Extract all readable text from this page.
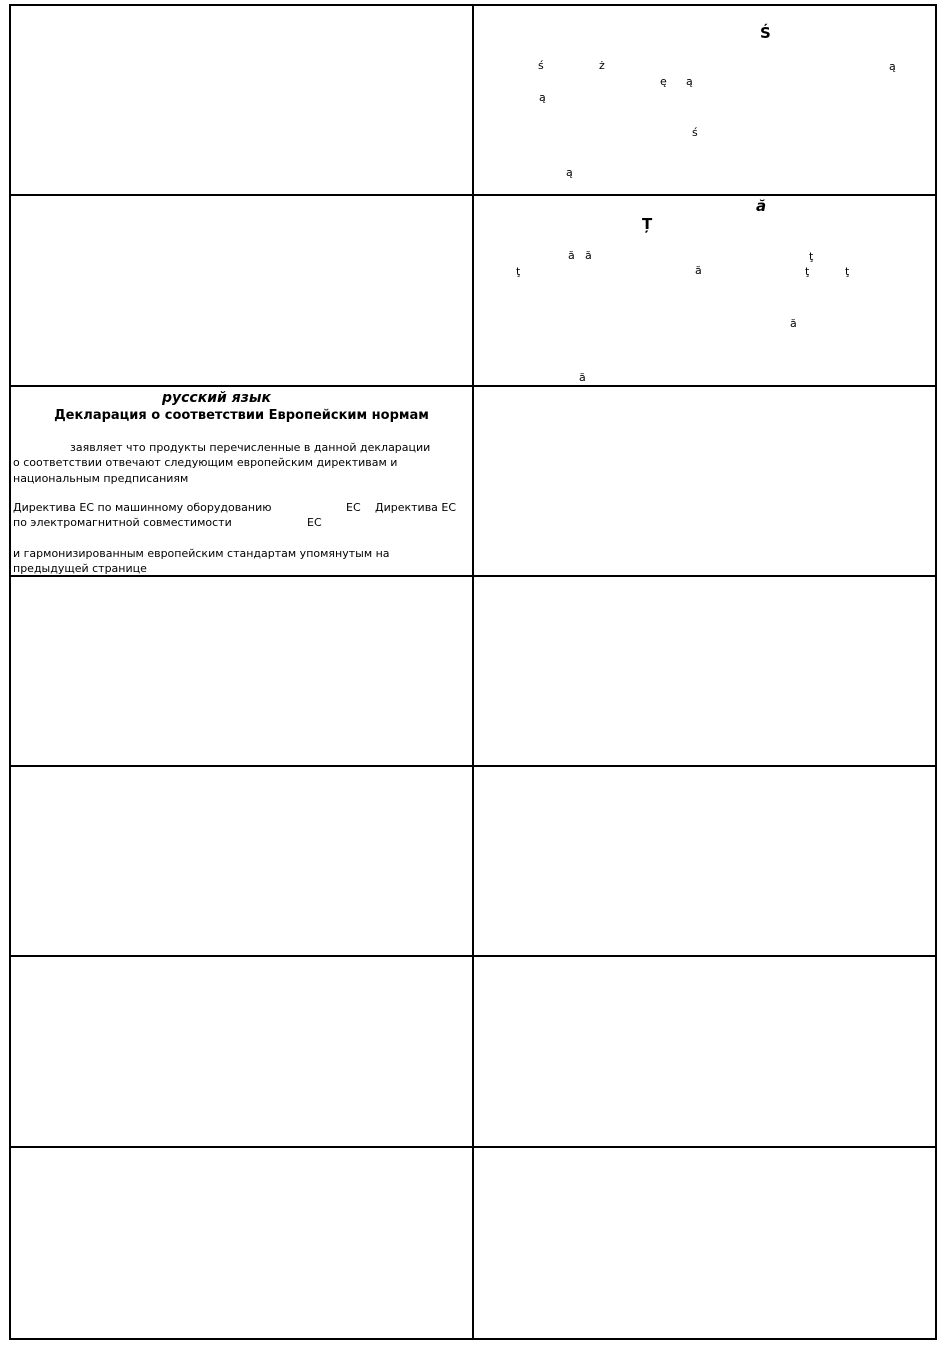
Ś
ś	ż
ę ą
ą
ą
ś
ą
ă
Ț
ă ă	ţ
ţ	ă	ţ	ţ
ă
ă
русский язык
Декларация о соответствии Европейским нормам
заявляет что продукты перечисленные в данной декларации
о соответствии отвечают следующим европейским директивам и
национальным предписаниям
Директива ЕС по машинному оборудованию	ЕС Директива ЕС
по электромагнитной совместимости	ЕС
и гармонизированным европейским стандартам упомянутым на
предыдущей странице
